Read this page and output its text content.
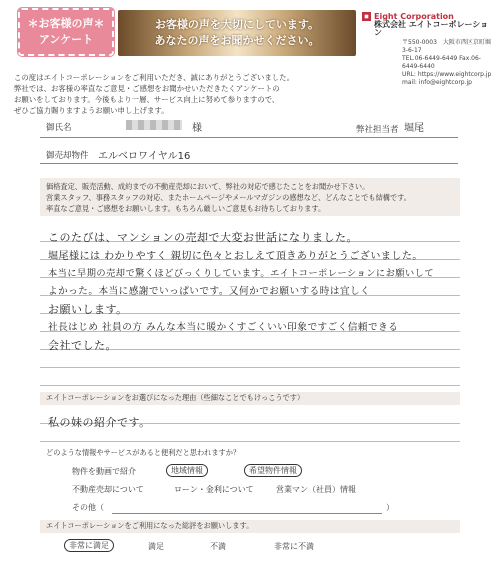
＊お客様の声＊
アンケート
お客様の声を大切にしています。
あなたの声をお聞かせください。
Eight Corporation
株式会社 エイトコーポレーション
〒550-0003　大阪市西区京町堀3-6-17
TEL.06-6449-6449 Fax.06-6449-6440
URL: https://www.eightcorp.jp
mail: info@eightcorp.jp
この度はエイトコーポレーションをご利用いただき、誠にありがとうございました。
弊社では、お客様の率直なご意見・ご感想をお聞かせいただきたくアンケートの
お願いをしております。今後もより一層、サービス向上に努めて参りますので、
ぜひご協力賜りますようお願い申し上げます。
御氏名	様	弊社担当者 堀尾
御売却物件 エルベロワイヤル16
価格査定、販売活動、成約までの不動産売却において、弊社の対応で感じたことをお聞かせ下さい。
営業スタッフ、事務スタッフの対応、またホームページやメールマガジンの感想など、どんなことでも結構です。
率直なご意見・ご感想をお願いします。もちろん厳しいご意見もお待ちしております。
このたびは、マンションの売却で大変お世話になりました。
堀尾様には わかりやすく 親切に色々とおしえて頂きありがとうございました。
本当に早期の売却で驚くほどびっくりしています。エイトコーポレーションにお願いして
よかった。本当に感謝でいっぱいです。又何かでお願いする時は宜しく
お願いします。
社長はじめ 社員の方 みんな本当に暖かくすごくいい印象ですごく信頼できる
会社でした。
エイトコーポレーションをお選びになった理由（些細なことでもけっこうです）
私の妹の紹介です。
どのような情報やサービスがあると便利だと思われますか？
物件を動画で紹介	地域情報	希望物件情報
不動産売却について	ローン・金利について	営業マン（社員）情報
その他（	）
エイトコーポレーションをご利用になった総評をお願いします。
非常に満足	満足	不満	非常に不満
